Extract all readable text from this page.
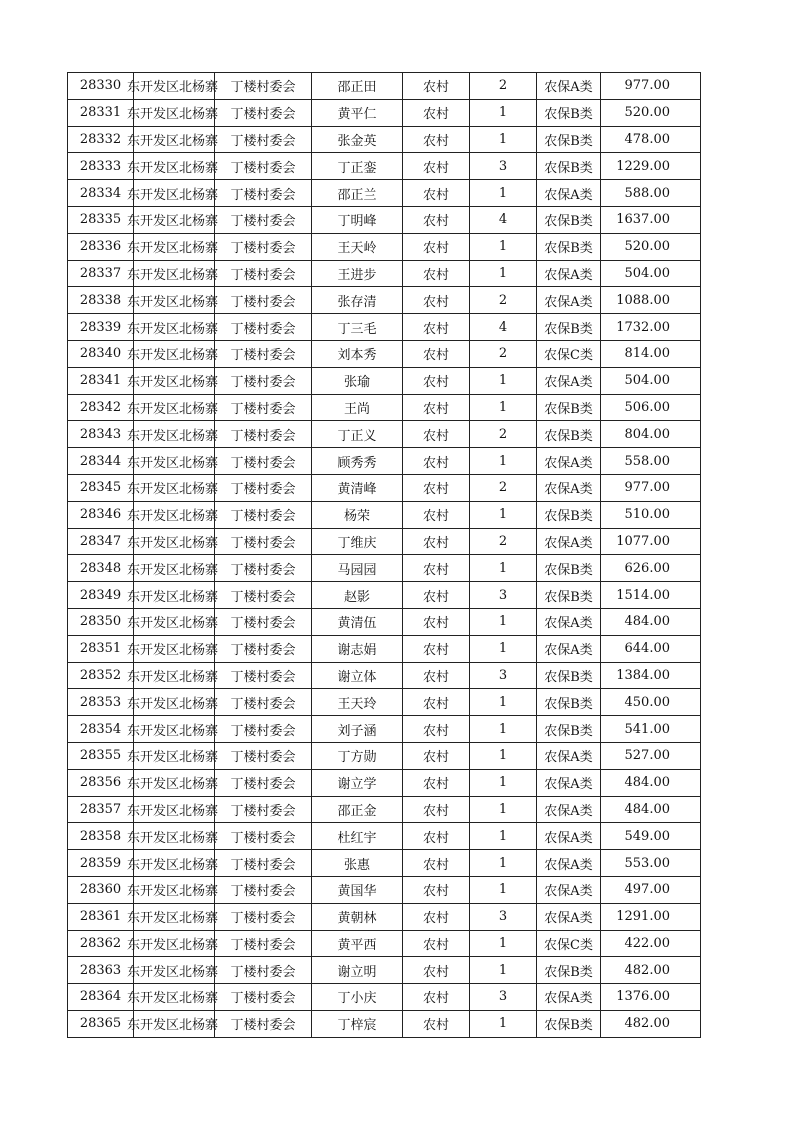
28330	东开发区北杨寨	丁楼村委会	邵正田	农村	2	农保A类	977.00
28331	东开发区北杨寨	丁楼村委会	黄平仁	农村	1	农保B类	520.00
28332	东开发区北杨寨	丁楼村委会	张金英	农村	1	农保B类	478.00
28333	东开发区北杨寨	丁楼村委会	丁正銮	农村	3	农保B类	1229.00
28334	东开发区北杨寨	丁楼村委会	邵正兰	农村	1	农保A类	588.00
28335	东开发区北杨寨	丁楼村委会	丁明峰	农村	4	农保B类	1637.00
28336	东开发区北杨寨	丁楼村委会	王天岭	农村	1	农保B类	520.00
28337	东开发区北杨寨	丁楼村委会	王进步	农村	1	农保A类	504.00
28338	东开发区北杨寨	丁楼村委会	张存清	农村	2	农保A类	1088.00
28339	东开发区北杨寨	丁楼村委会	丁三毛	农村	4	农保B类	1732.00
28340	东开发区北杨寨	丁楼村委会	刘本秀	农村	2	农保C类	814.00
28341	东开发区北杨寨	丁楼村委会	张瑜	农村	1	农保A类	504.00
28342	东开发区北杨寨	丁楼村委会	王尚	农村	1	农保B类	506.00
28343	东开发区北杨寨	丁楼村委会	丁正义	农村	2	农保B类	804.00
28344	东开发区北杨寨	丁楼村委会	顾秀秀	农村	1	农保A类	558.00
28345	东开发区北杨寨	丁楼村委会	黄清峰	农村	2	农保A类	977.00
28346	东开发区北杨寨	丁楼村委会	杨荣	农村	1	农保B类	510.00
28347	东开发区北杨寨	丁楼村委会	丁维庆	农村	2	农保A类	1077.00
28348	东开发区北杨寨	丁楼村委会	马园园	农村	1	农保B类	626.00
28349	东开发区北杨寨	丁楼村委会	赵影	农村	3	农保B类	1514.00
28350	东开发区北杨寨	丁楼村委会	黄清伍	农村	1	农保A类	484.00
28351	东开发区北杨寨	丁楼村委会	谢志娟	农村	1	农保A类	644.00
28352	东开发区北杨寨	丁楼村委会	谢立体	农村	3	农保B类	1384.00
28353	东开发区北杨寨	丁楼村委会	王天玲	农村	1	农保B类	450.00
28354	东开发区北杨寨	丁楼村委会	刘子涵	农村	1	农保B类	541.00
28355	东开发区北杨寨	丁楼村委会	丁方勋	农村	1	农保A类	527.00
28356	东开发区北杨寨	丁楼村委会	谢立学	农村	1	农保A类	484.00
28357	东开发区北杨寨	丁楼村委会	邵正金	农村	1	农保A类	484.00
28358	东开发区北杨寨	丁楼村委会	杜红宇	农村	1	农保A类	549.00
28359	东开发区北杨寨	丁楼村委会	张惠	农村	1	农保A类	553.00
28360	东开发区北杨寨	丁楼村委会	黄国华	农村	1	农保A类	497.00
28361	东开发区北杨寨	丁楼村委会	黄朝林	农村	3	农保A类	1291.00
28362	东开发区北杨寨	丁楼村委会	黄平西	农村	1	农保C类	422.00
28363	东开发区北杨寨	丁楼村委会	谢立明	农村	1	农保B类	482.00
28364	东开发区北杨寨	丁楼村委会	丁小庆	农村	3	农保A类	1376.00
28365	东开发区北杨寨	丁楼村委会	丁梓宸	农村	1	农保B类	482.00
